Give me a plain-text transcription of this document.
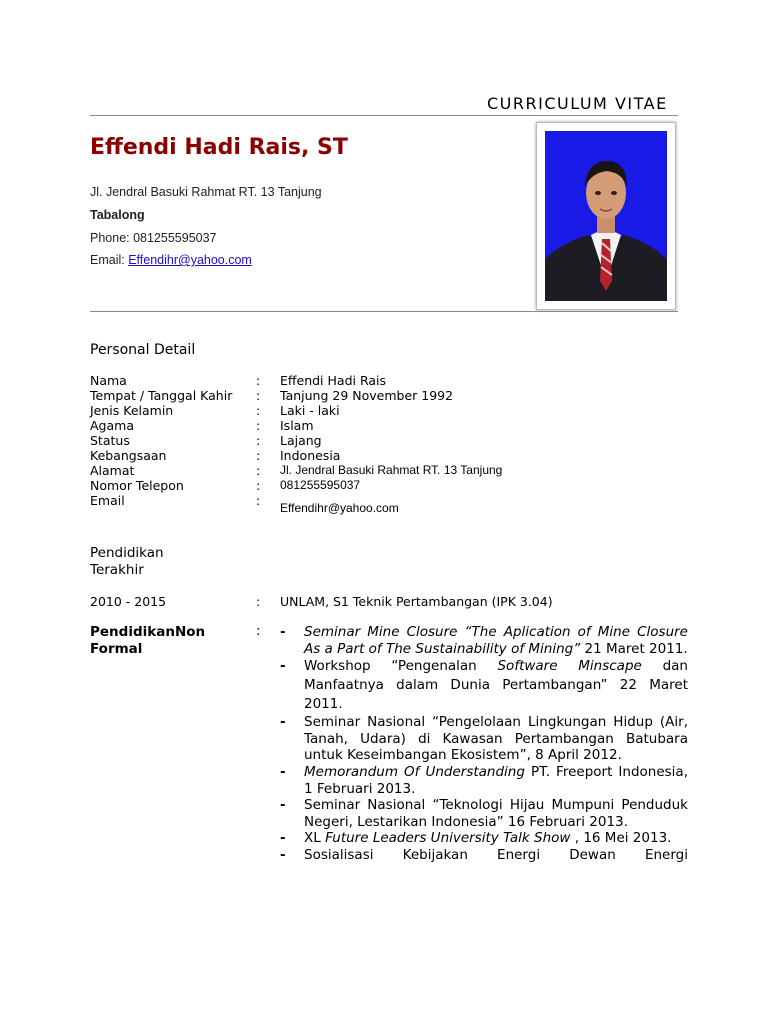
CURRICULUM VITAE
Effendi Hadi Rais, ST
Jl. Jendral Basuki Rahmat RT. 13 Tanjung
Tabalong
Phone: 081255595037
Email: Effendihr@yahoo.com
Personal Detail
Nama	: Effendi Hadi Rais
Tempat / Tanggal Kahir : Tanjung 29 November 1992
Jenis Kelamin	: Laki - laki
Agama	: Islam
Status	: Lajang
Kebangsaan	: Indonesia
Alamat	: Jl. Jendral Basuki Rahmat RT. 13 Tanjung
Nomor Telepon	: 081255595037
Email	: Effendihr@yahoo.com
Pendidikan
Terakhir
2010 - 2015	: UNLAM, S1 Teknik Pertambangan (IPK 3.04)
PendidikanNon
Formal
: - Seminar Mine Closure “The Aplication of Mine Closure As a Part of The Sustainability of Mining” 21 Maret 2011.

- Workshop “Pengenalan Software Minscape dan Manfaatnya dalam Dunia Pertambangan” 22 Maret 2011.

- Seminar Nasional “Pengelolaan Lingkungan Hidup (Air, Tanah, Udara) di Kawasan Pertambangan Batubara untuk Keseimbangan Ekosistem”, 8 April 2012.

- Memorandum Of Understanding PT. Freeport Indonesia, 1 Februari 2013.

- Seminar Nasional “Teknologi Hijau Mumpuni Penduduk Negeri, Lestarikan Indonesia” 16 Februari 2013.

- XL Future Leaders University Talk Show , 16 Mei 2013.

- Sosialisasi Kebijakan Energi Dewan Energi
